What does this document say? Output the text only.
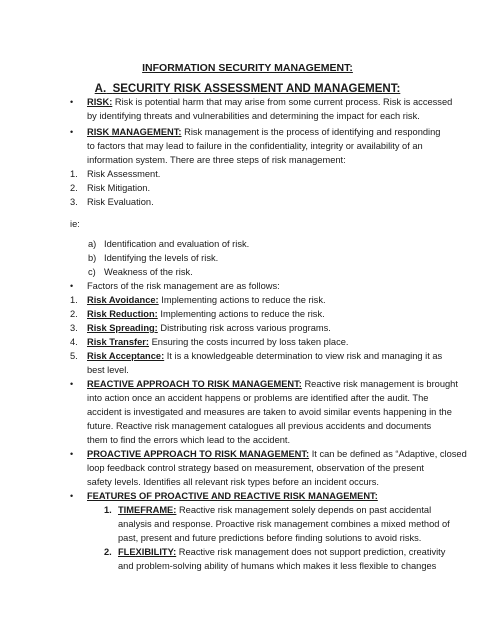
INFORMATION SECURITY MANAGEMENT:
A. SECURITY RISK ASSESSMENT AND MANAGEMENT:
• RISK: Risk is potential harm that may arise from some current process. Risk is accessed
by identifying threats and vulnerabilities and determining the impact for each risk.
• RISK MANAGEMENT: Risk management is the process of identifying and responding
to factors that may lead to failure in the confidentiality, integrity or availability of an
information system. There are three steps of risk management:
1. Risk Assessment.
2. Risk Mitigation.
3. Risk Evaluation.
ie:
a) Identification and evaluation of risk.
b) Identifying the levels of risk.
c) Weakness of the risk.
• Factors of the risk management are as follows:
1. Risk Avoidance: Implementing actions to reduce the risk.
2. Risk Reduction: Implementing actions to reduce the risk.
3. Risk Spreading: Distributing risk across various programs.
4. Risk Transfer: Ensuring the costs incurred by loss taken place.
5. Risk Acceptance: It is a knowledgeable determination to view risk and managing it as
best level.
• REACTIVE APPROACH TO RISK MANAGEMENT: Reactive risk management is brought
into action once an accident happens or problems are identified after the audit. The
accident is investigated and measures are taken to avoid similar events happening in the
future. Reactive risk management catalogues all previous accidents and documents
them to find the errors which lead to the accident.
• PROACTIVE APPROACH TO RISK MANAGEMENT: It can be defined as “Adaptive, closed
loop feedback control strategy based on measurement, observation of the present
safety levels. Identifies all relevant risk types before an incident occurs.
• FEATURES OF PROACTIVE AND REACTIVE RISK MANAGEMENT:
1. TIMEFRAME: Reactive risk management solely depends on past accidental
analysis and response. Proactive risk management combines a mixed method of
past, present and future predictions before finding solutions to avoid risks.
2. FLEXIBILITY: Reactive risk management does not support prediction, creativity
and problem-solving ability of humans which makes it less flexible to changes
